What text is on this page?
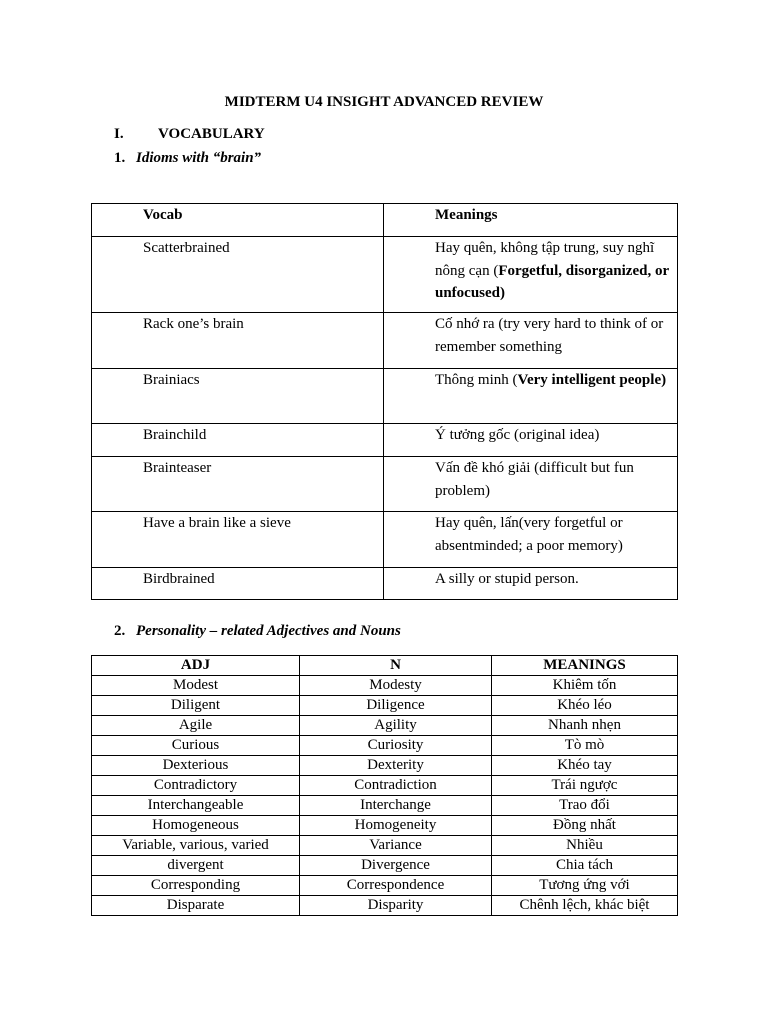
MIDTERM U4 INSIGHT ADVANCED REVIEW
I. VOCABULARY
1. Idioms with “brain”
Vocab	Meanings
Scatterbrained	Hay quên, không tập trung, suy nghĩ nông cạn (Forgetful, disorganized, or unfocused)
Rack one’s brain	Cố nhớ ra (try very hard to think of or remember something
Brainiacs	Thông minh (Very intelligent people)
Brainchild	Ý tưởng gốc (original idea)
Brainteaser	Vấn đề khó giải (difficult but fun problem)
Have a brain like a sieve	Hay quên, lấn(very forgetful or absentminded; a poor memory)
Birdbrained	A silly or stupid person.
2. Personality – related Adjectives and Nouns
ADJ	N	MEANINGS
Modest	Modesty	Khiêm tốn
Diligent	Diligence	Khéo léo
Agile	Agility	Nhanh nhẹn
Curious	Curiosity	Tò mò
Dexterious	Dexterity	Khéo tay
Contradictory	Contradiction	Trái ngược
Interchangeable	Interchange	Trao đổi
Homogeneous	Homogeneity	Đồng nhất
Variable, various, varied	Variance	Nhiều
divergent	Divergence	Chia tách
Corresponding	Correspondence	Tương ứng với
Disparate	Disparity	Chênh lệch, khác biệt
